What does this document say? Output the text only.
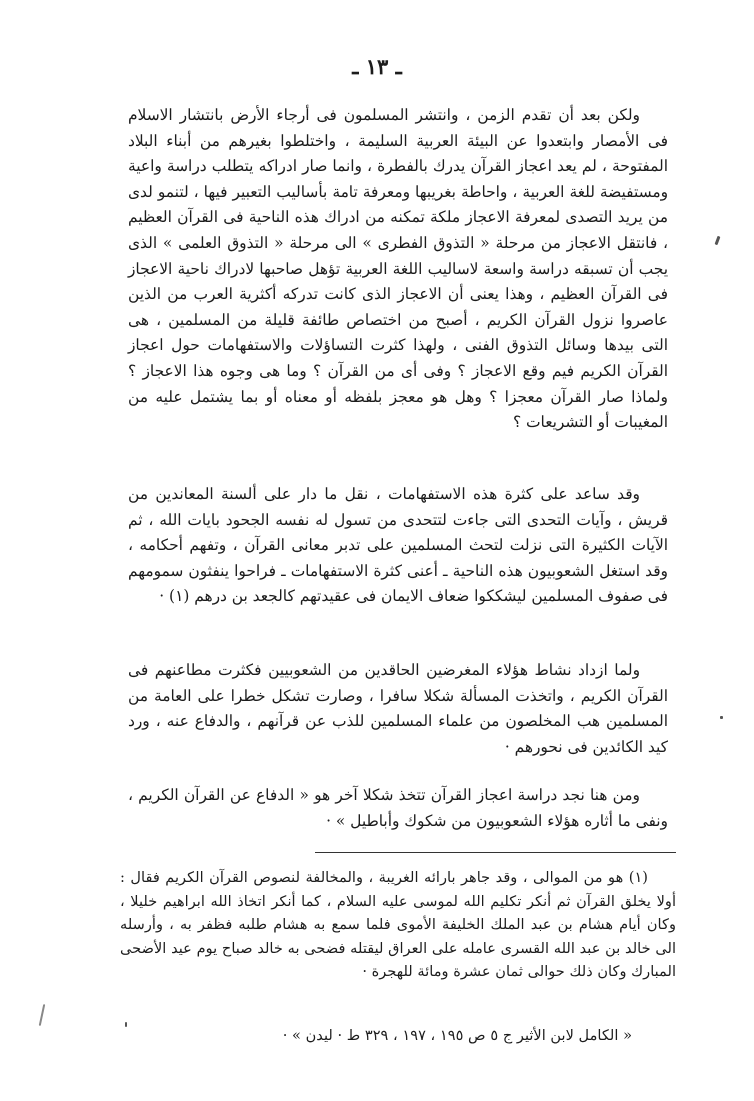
ـ ١٣ ـ

ولكن بعد أن تقدم الزمن ، وانتشر المسلمون فى أرجاء الأرض بانتشار الاسلام فى الأمصار وابتعدوا عن البيئة العربية السليمة ، واختلطوا بغيرهم من أبناء البلاد المفتوحة ، لم يعد اعجاز القرآن يدرك بالفطرة ، وانما صار ادراكه يتطلب دراسة واعية ومستفيضة للغة العربية ، واحاطة بغريبها ومعرفة تامة بأساليب التعبير فيها ، لتنمو لدى من يريد التصدى لمعرفة الاعجاز ملكة تمكنه من ادراك هذه الناحية فى القرآن العظيم ، فانتقل الاعجاز من مرحلة « التذوق الفطرى » الى مرحلة « التذوق العلمى » الذى يجب أن تسبقه دراسة واسعة لاساليب اللغة العربية تؤهل صاحبها لادراك ناحية الاعجاز فى القرآن العظيم ، وهذا يعنى أن الاعجاز الذى كانت تدركه أكثرية العرب من الذين عاصروا نزول القرآن الكريم ، أصبح من اختصاص طائفة قليلة من المسلمين ، هى التى بيدها وسائل التذوق الفنى ، ولهذا كثرت التساؤلات والاستفهامات حول اعجاز القرآن الكريم فيم وقع الاعجاز ؟ وفى أى من القرآن ؟ وما هى وجوه هذا الاعجاز ؟ ولماذا صار القرآن معجزا ؟ وهل هو معجز بلفظه أو معناه أو بما يشتمل عليه من المغيبات أو التشريعات ؟

وقد ساعد على كثرة هذه الاستفهامات ، نقل ما دار على ألسنة المعاندين من قريش ، وآيات التحدى التى جاءت لتتحدى من تسول له نفسه الجحود بايات الله ، ثم الآيات الكثيرة التى نزلت لتحث المسلمين على تدبر معانى القرآن ، وتفهم أحكامه ، وقد استغل الشعوبيون هذه الناحية ـ أعنى كثرة الاستفهامات ـ فراحوا ينفثون سمومهم فى صفوف المسلمين ليشككوا ضعاف الايمان فى عقيدتهم كالجعد بن درهم (١) ·

ولما ازداد نشاط هؤلاء المغرضين الحاقدين من الشعوبيين فكثرت مطاعنهم فى القرآن الكريم ، واتخذت المسألة شكلا سافرا ، وصارت تشكل خطرا على العامة من المسلمين هب المخلصون من علماء المسلمين للذب عن قرآنهم ، والدفاع عنه ، ورد كيد الكائدين فى نحورهم ·

ومن هنا نجد دراسة اعجاز القرآن تتخذ شكلا آخر هو « الدفاع عن القرآن الكريم ، ونفى ما أثاره هؤلاء الشعوبيون من شكوك وأباطيل » ·

(١) هو من الموالى ، وقد جاهر بارائه الغريبة ، والمخالفة لنصوص القرآن الكريم فقال : أولا يخلق القرآن ثم أنكر تكليم الله لموسى عليه السلام ، كما أنكر اتخاذ الله ابراهيم خليلا ، وكان أيام هشام بن عبد الملك الخليفة الأموى فلما سمع به هشام طلبه فظفر به ، وأرسله الى خالد بن عبد الله القسرى عامله على العراق ليقتله فضحى به خالد صباح يوم عيد الأضحى المبارك وكان ذلك حوالى ثمان عشرة ومائة للهجرة ·

« الكامل لابن الأثير ج ٥ ص ١٩٥ ، ١٩٧ ، ٣٢٩ ط · ليدن » ·
